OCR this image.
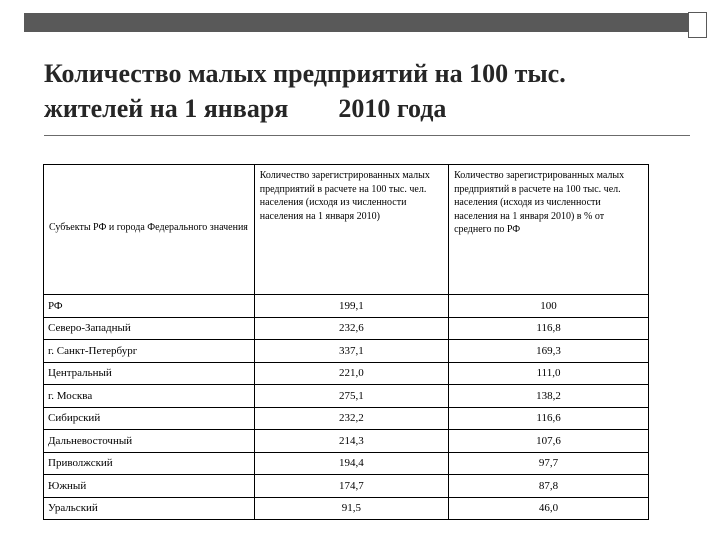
Количество малых предприятий на 100 тыс.
жителей на 1 января 2010 года
Субъекты РФ и города Федерального значения	Количество зарегистрированных малых предприятий в расчете на 100 тыс. чел. населения (исходя из численности населения на 1 января 2010)	Количество зарегистрированных малых предприятий в расчете на 100 тыс. чел. населения (исходя из численности населения на 1 января 2010) в % от среднего по РФ
РФ	199,1	100
Северо-Западный	232,6	116,8
г. Санкт-Петербург	337,1	169,3
Центральный	221,0	111,0
г. Москва	275,1	138,2
Сибирский	232,2	116,6
Дальневосточный	214,3	107,6
Приволжский	194,4	97,7
Южный	174,7	87,8
Уральский	91,5	46,0
